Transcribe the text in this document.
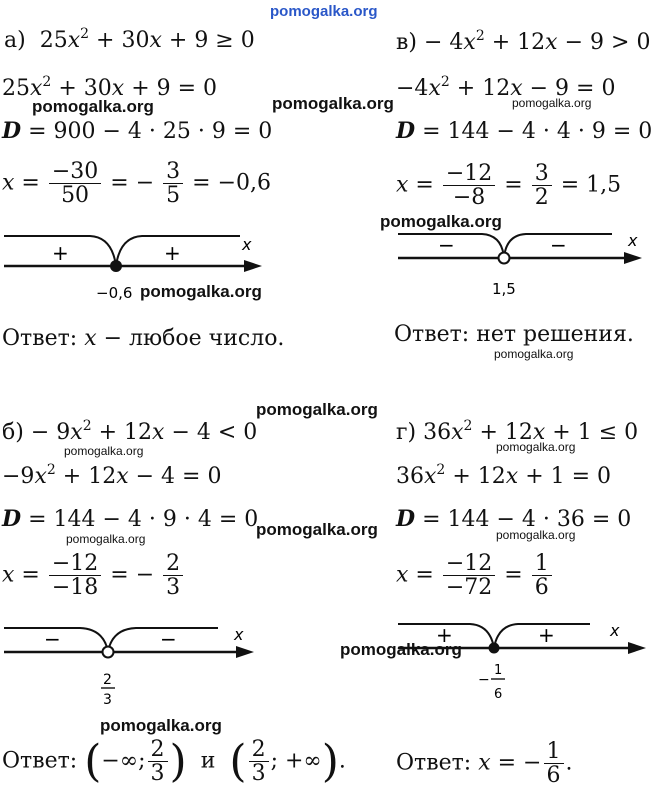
pomogalka.org
а) $25x^2 + 30x + 9 \ge 0$
$25x^2 + 30x + 9 = 0$
D = 900 − 4 · 25 · 9 = 0
$x = \frac{-30}{50}$ = − $\frac{3}{5} = -0,6$
+	+	x
−0,6
Ответ: x − любое число.
$в) - 4x^2 + 12x - 9 > 0$
$-4x^2 + 12x - 9 = 0$
D = 144 − 4 · 4 · 9 = 0
$x = \frac{-12}{-8} = \frac{3}{2} = 1,5$
−	−	x
1,5
Ответ: нет решения.
$б) - 9x^2 + 12x - 4 < 0$
$-9x^2 + 12x - 4 = 0$
D = 144 − 4 · 9 · 4 = 0
$x = \frac{-12}{-18}$ = − $\frac{2}{3}$
−	−	x
2
3
Ответ: (−∞; $\frac{2}{3}$ ) и ( $\frac{2}{3}$ ; +∞).
г) $36x^2 + 12x + 1 \le 0$
$36x^2 + 12x + 1 = 0$
D = 144 − 4 · 36 = 0
$x = \frac{-12}{-72} = \frac{1}{6}$
+	+	x
−
1
6
Ответ: x = − $\frac{1}{6}$ .
pomogalka.org	pomogalka.org	pomogalka.org
pomogalka.org
pomogalka.org
pomogalka.org
pomogalka.org
pomogalka.org	pomogalka.org
pomogalka.org
pomogalka.org	pomogalka.org
pomogalka.org
pomogalka.org
